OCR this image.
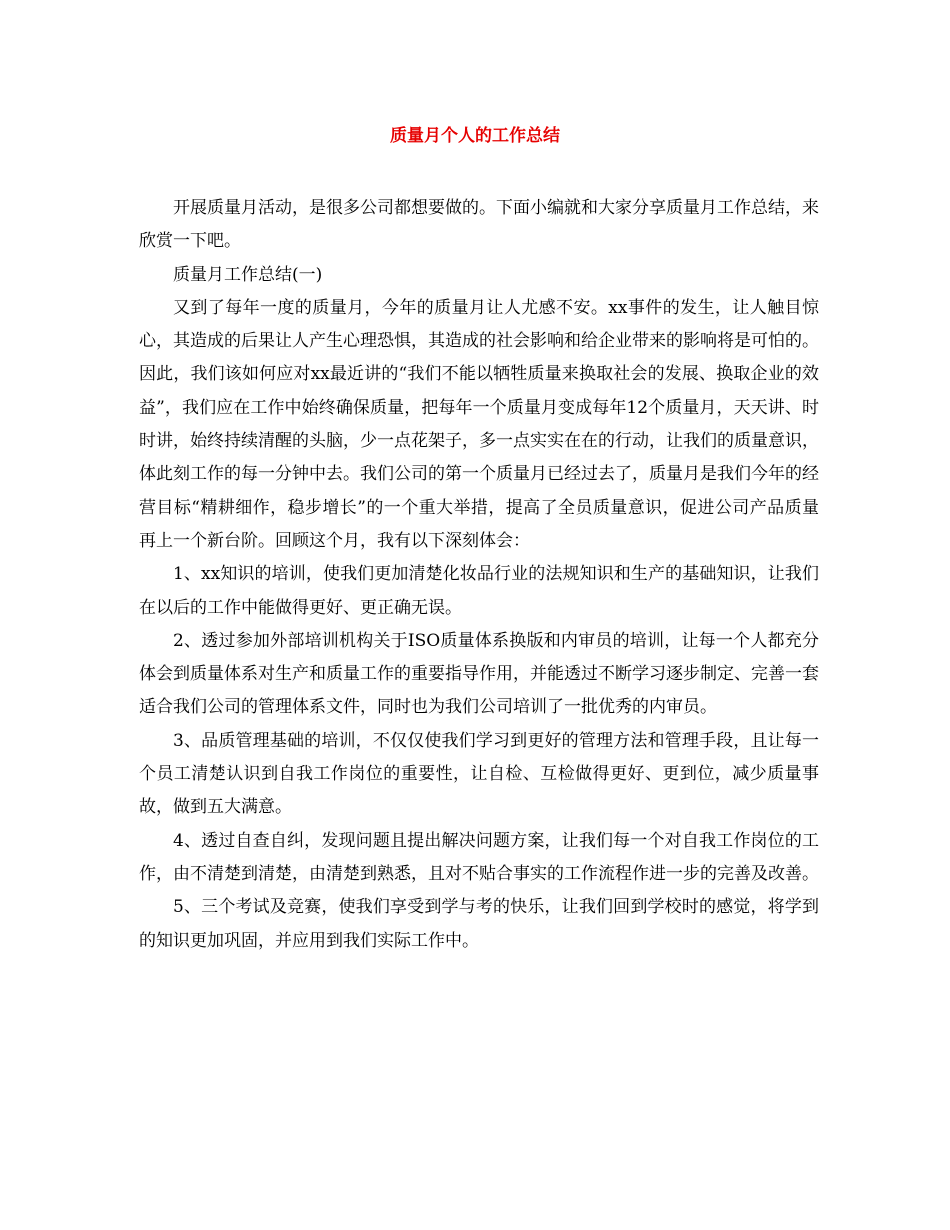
质量月个人的工作总结

开展质量月活动，是很多公司都想要做的。下面小编就和大家分享质量月工作总结，来欣赏一下吧。

质量月工作总结(一)

又到了每年一度的质量月，今年的质量月让人尤感不安。xx事件的发生，让人触目惊心，其造成的后果让人产生心理恐惧，其造成的社会影响和给企业带来的影响将是可怕的。因此，我们该如何应对xx最近讲的“我们不能以牺牲质量来换取社会的发展、换取企业的效益”，我们应在工作中始终确保质量，把每年一个质量月变成每年12个质量月，天天讲、时时讲，始终持续清醒的头脑，少一点花架子，多一点实实在在的行动，让我们的质量意识，体此刻工作的每一分钟中去。我们公司的第一个质量月已经过去了，质量月是我们今年的经营目标“精耕细作，稳步增长”的一个重大举措，提高了全员质量意识，促进公司产品质量再上一个新台阶。回顾这个月，我有以下深刻体会：

1、xx知识的培训，使我们更加清楚化妆品行业的法规知识和生产的基础知识，让我们在以后的工作中能做得更好、更正确无误。

2、透过参加外部培训机构关于ISO质量体系换版和内审员的培训，让每一个人都充分体会到质量体系对生产和质量工作的重要指导作用，并能透过不断学习逐步制定、完善一套适合我们公司的管理体系文件，同时也为我们公司培训了一批优秀的内审员。

3、品质管理基础的培训，不仅仅使我们学习到更好的管理方法和管理手段，且让每一个员工清楚认识到自我工作岗位的重要性，让自检、互检做得更好、更到位，减少质量事故，做到五大满意。

4、透过自查自纠，发现问题且提出解决问题方案，让我们每一个对自我工作岗位的工作，由不清楚到清楚，由清楚到熟悉，且对不贴合事实的工作流程作进一步的完善及改善。

5、三个考试及竞赛，使我们享受到学与考的快乐，让我们回到学校时的感觉，将学到的知识更加巩固，并应用到我们实际工作中。
